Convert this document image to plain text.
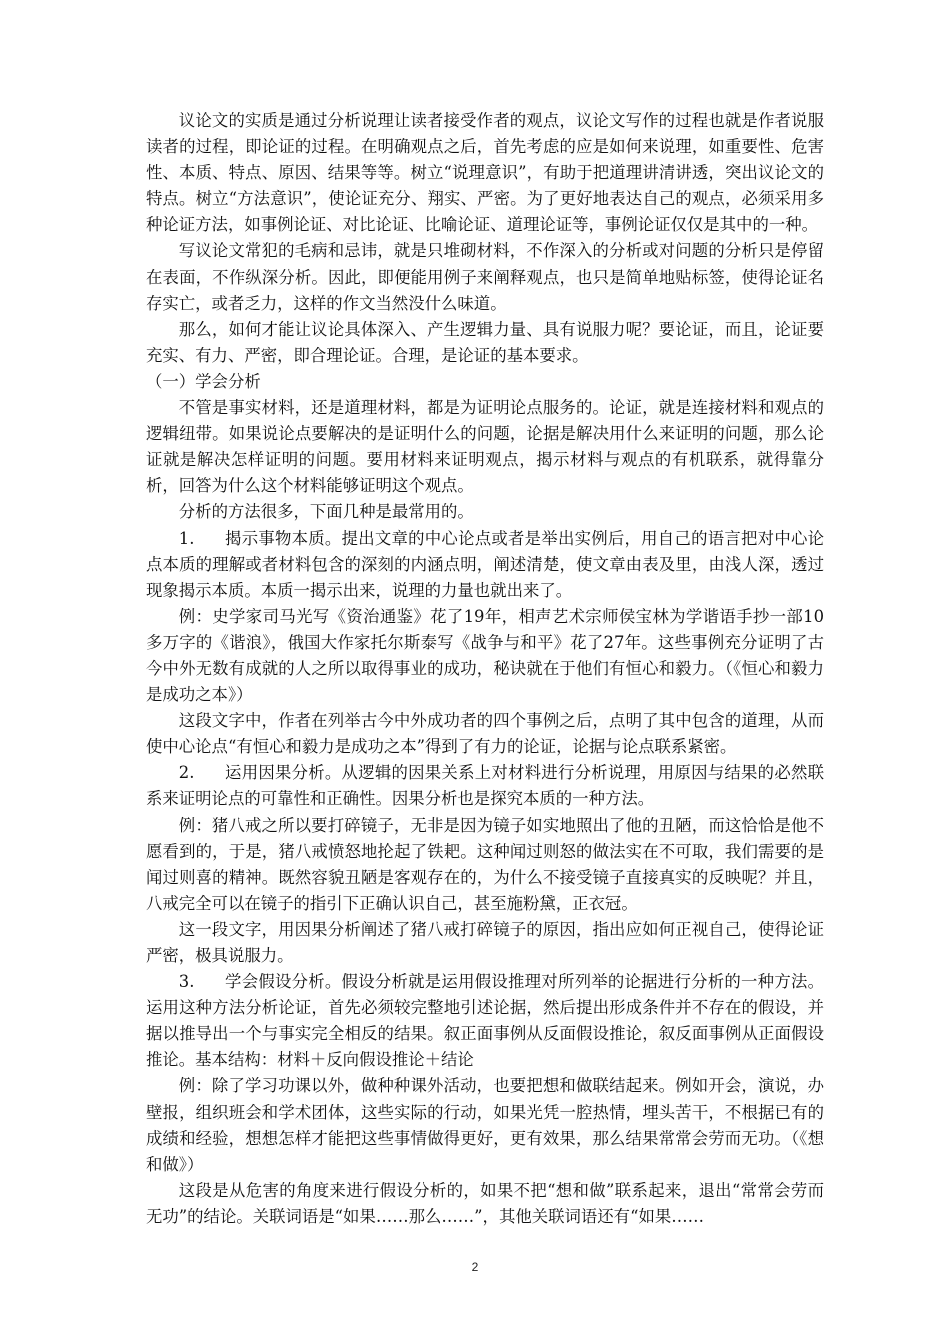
议论文的实质是通过分析说理让读者接受作者的观点，议论文写作的过程也就是作者说服读者的过程，即论证的过程。在明确观点之后，首先考虑的应是如何来说理，如重要性、危害性、本质、特点、原因、结果等等。树立“说理意识”，有助于把道理讲清讲透，突出议论文的特点。树立“方法意识”，使论证充分、翔实、严密。为了更好地表达自己的观点，必须采用多种论证方法，如事例论证、对比论证、比喻论证、道理论证等，事例论证仅仅是其中的一种。

写议论文常犯的毛病和忌讳，就是只堆砌材料，不作深入的分析或对问题的分析只是停留在表面，不作纵深分析。因此，即便能用例子来阐释观点，也只是简单地贴标签，使得论证名存实亡，或者乏力，这样的作文当然没什么味道。

那么，如何才能让议论具体深入、产生逻辑力量、具有说服力呢？要论证，而且，论证要充实、有力、严密，即合理论证。合理，是论证的基本要求。

（一）学会分析

不管是事实材料，还是道理材料，都是为证明论点服务的。论证，就是连接材料和观点的逻辑纽带。如果说论点要解决的是证明什么的问题，论据是解决用什么来证明的问题，那么论证就是解决怎样证明的问题。要用材料来证明观点，揭示材料与观点的有机联系，就得靠分析，回答为什么这个材料能够证明这个观点。

分析的方法很多，下面几种是最常用的。

1. 揭示事物本质。提出文章的中心论点或者是举出实例后，用自己的语言把对中心论点本质的理解或者材料包含的深刻的内涵点明，阐述清楚，使文章由表及里，由浅人深，透过现象揭示本质。本质一揭示出来，说理的力量也就出来了。

例：史学家司马光写《资治通鉴》花了19年，相声艺术宗师侯宝林为学谐语手抄一部10多万字的《谐浪》，俄国大作家托尔斯泰写《战争与和平》花了27年。这些事例充分证明了古今中外无数有成就的人之所以取得事业的成功，秘诀就在于他们有恒心和毅力。（《恒心和毅力是成功之本》）

这段文字中，作者在列举古今中外成功者的四个事例之后，点明了其中包含的道理，从而使中心论点“有恒心和毅力是成功之本”得到了有力的论证，论据与论点联系紧密。

2. 运用因果分析。从逻辑的因果关系上对材料进行分析说理，用原因与结果的必然联系来证明论点的可靠性和正确性。因果分析也是探究本质的一种方法。

例：猪八戒之所以要打碎镜子，无非是因为镜子如实地照出了他的丑陋，而这恰恰是他不愿看到的，于是，猪八戒愤怒地抡起了铁耙。这种闻过则怒的做法实在不可取，我们需要的是闻过则喜的精神。既然容貌丑陋是客观存在的，为什么不接受镜子直接真实的反映呢？并且，八戒完全可以在镜子的指引下正确认识自己，甚至施粉黛，正衣冠。

这一段文字，用因果分析阐述了猪八戒打碎镜子的原因，指出应如何正视自己，使得论证严密，极具说服力。

3. 学会假设分析。假设分析就是运用假设推理对所列举的论据进行分析的一种方法。运用这种方法分析论证，首先必须较完整地引述论据，然后提出形成条件并不存在的假设，并据以推导出一个与事实完全相反的结果。叙正面事例从反面假设推论，叙反面事例从正面假设推论。基本结构：材料＋反向假设推论＋结论

例：除了学习功课以外，做种种课外活动，也要把想和做联结起来。例如开会，演说，办壁报，组织班会和学术团体，这些实际的行动，如果光凭一腔热情，埋头苦干，不根据已有的成绩和经验，想想怎样才能把这些事情做得更好，更有效果，那么结果常常会劳而无功。（《想和做》）

这段是从危害的角度来进行假设分析的，如果不把“想和做”联系起来，退出“常常会劳而无功”的结论。关联词语是“如果……那么……”，其他关联词语还有“如果……

2
